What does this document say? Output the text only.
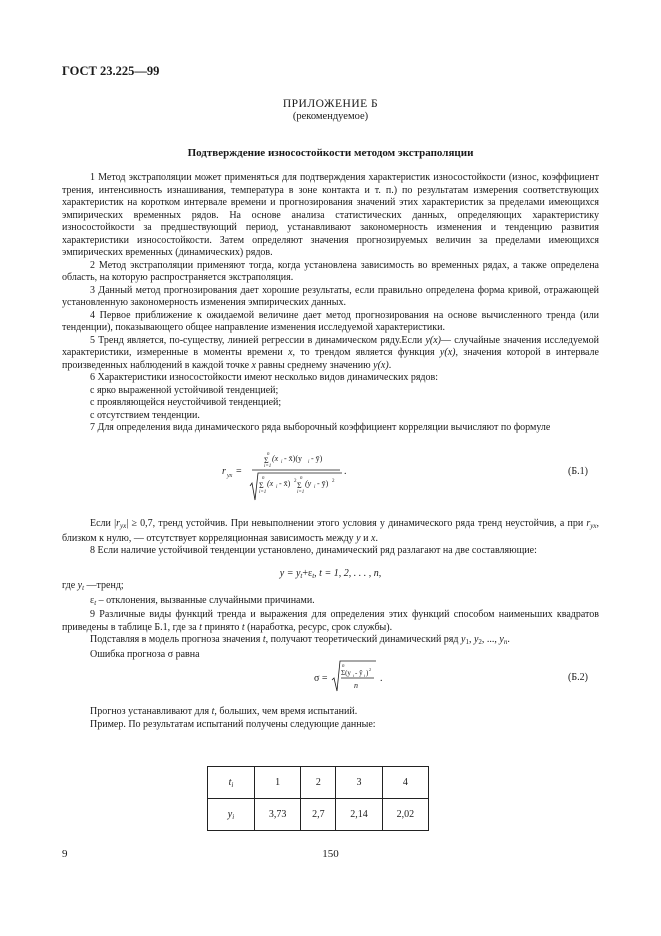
ГОСТ 23.225—99
ПРИЛОЖЕНИЕ Б
(рекомендуемое)
Подтверждение износостойкости методом экстраполяции

1 Метод экстраполяции может применяться для подтверждения характеристик износостойкости (износ, коэффициент трения, интенсивность изнашивания, температура в зоне контакта и т. п.) по результатам измерения соответствующих характеристик на коротком интервале времени и прогнозирования значений этих характеристик за пределами имеющихся эмпирических временных рядов. На основе анализа статистических данных, определяющих характеристику износостойкости за предшествующий период, устанавливают закономерность изменения и тенденцию развития характеристики износостойкости. Затем определяют значения прогнозируемых величин за пределами имеющихся эмпирических временных (динамических) рядов.

2 Метод экстраполяции применяют тогда, когда установлена зависимость во временных рядах, а также определена область, на которую распространяется экстраполяция.

3 Данный метод прогнозирования дает хорошие результаты, если правильно определена форма кривой, отражающей установленную закономерность изменения эмпирических данных.

4 Первое приближение к ожидаемой величине дает метод прогнозирования на основе вычисленного тренда (или тенденции), показывающего общее направление изменения исследуемой характеристики.

5 Тренд является, по-существу, линией регрессии в динамическом ряду.Если y(x)— случайные значения исследуемой характеристики, измеренные в моменты времени x, то трендом является функция y(x), значения которой в интервале произведенных наблюдений в каждой точке x равны среднему значению y(x).

6 Характеристики износостойкости имеют несколько видов динамических рядов:

с ярко выраженной устойчивой тенденцией;

с проявляющейся неустойчивой тенденцией;

с отсутствием тенденции.

7 Для определения вида динамического ряда выборочный коэффициент корреляции вычисляют по формуле

r yx =
n
Σ
i=1
(x i - x̄)(y i - ȳ)
n
Σ
i=1
(x i - x̄) 2
n
Σ
i=1
(y i - ȳ) 2
.	(Б.1)

Если $|r_{yx}| \ge 0,7$, тренд устойчив. При невыполнении этого условия у динамического ряда тренд неустойчив, а при $r_{yx}$, близком к нулю, — отсутствует корреляционная зависимость между y и x.

8 Если наличие устойчивой тенденции установлено, динамический ряд разлагают на две составляющие:

$y = y_t+\varepsilon_t$, t = 1, 2, . . . , n,

где $y_t$ —тренд;

$\varepsilon_t$ – отклонения, вызванные случайными причинами.

9 Различные виды функций тренда и выражения для определения этих функций способом наименьших квадратов приведены в таблице Б.1, где за t принято t (наработка, ресурс, срок службы).

Подставляя в модель прогноза значения t, получают теоретический динамический ряд $y_1$, $y_2$, ..., $y_n$.

Ошибка прогноза σ равна

σ =
n
Σ(y i - ȳ i ) 2
n
.	(Б.2)

Прогноз устанавливают для t, больших, чем время испытаний.

Пример. По результатам испытаний получены следующие данные:

$t_i$	1	2	3	4
$y_i$	3,73	2,7	2,14	2,02
9	150
